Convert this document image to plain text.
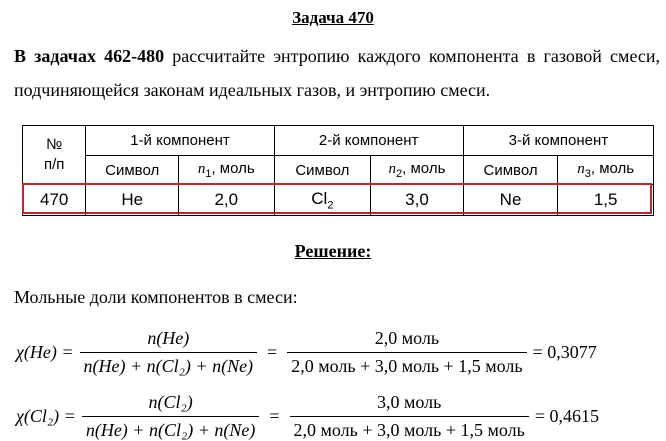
Задача 470
В задачах 462-480 рассчитайте энтропию каждого компонента в газовой смеси, подчиняющейся законам идеальных газов, и энтропию смеси.
№
п/п	1-й компонент		2-й компонент		3-й компонент	
	Символ	$n_1$, моль	Символ	$n_2$, моль	Символ	$n_3$, моль
470	He	2,0	$Cl_2$	3,0	Ne	1,5
Решение:
Мольные доли компонентов в смеси:
$\chi(He) = \frac{n(He)}{\text{n(He) + n(Cl₂) + n(Ne)}} = \frac{\text{2,0 моль}}{\text{2,0 моль + 3,0 моль + 1,5 моль}} = 0,3077$
$\chi(Cl_2) = \frac{\text{n(Cl₂)}}{\text{n(He) + n(Cl₂) + n(Ne)}} = \frac{\text{3,0 моль}}{\text{2,0 моль + 3,0 моль + 1,5 моль}} = 0,4615$
